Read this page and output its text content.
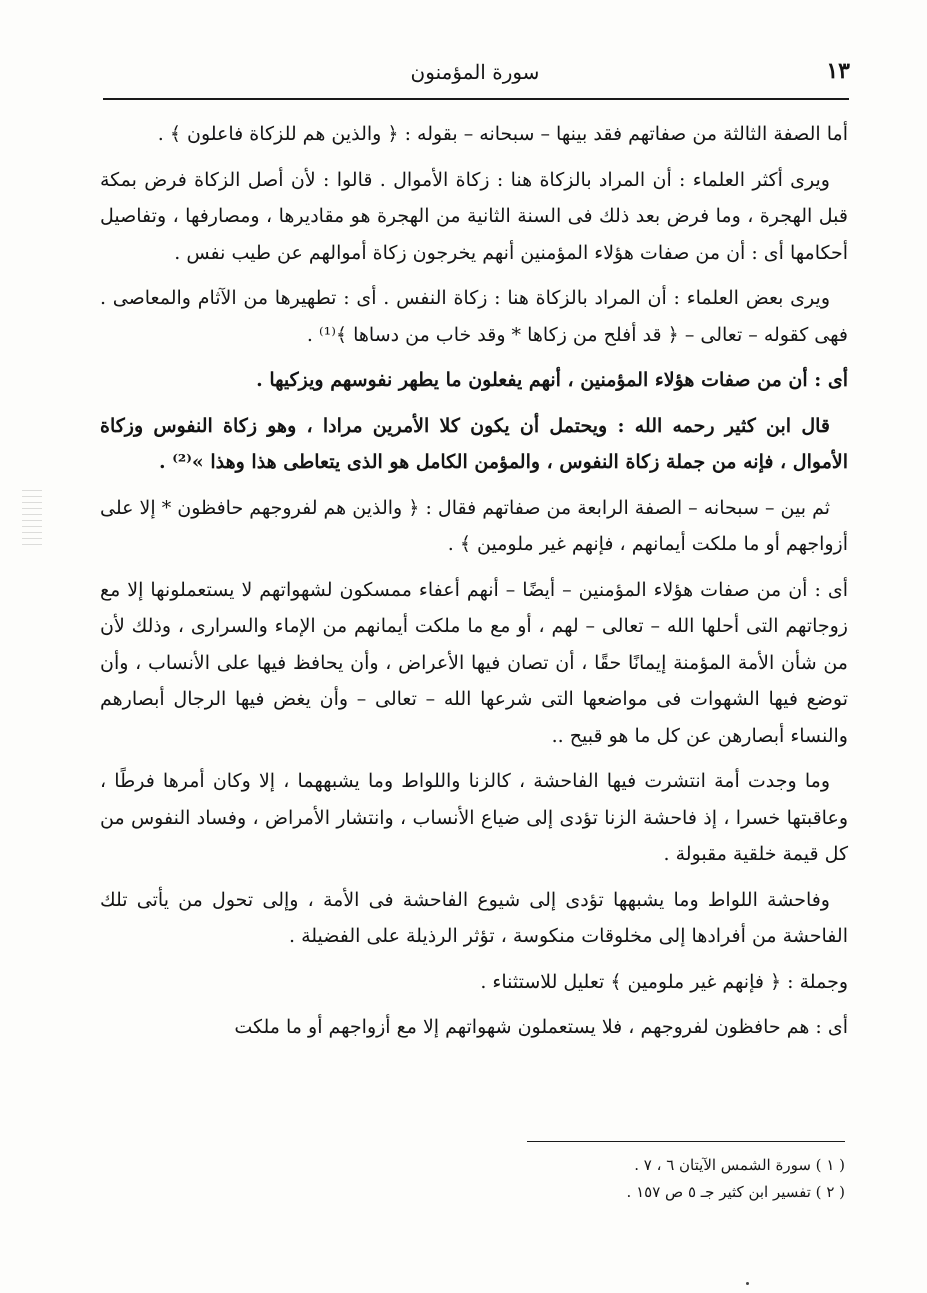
١٣
سورة المؤمنون

أما الصفة الثالثة من صفاتهم فقد بينها – سبحانه – بقوله : ﴿ والذين هم للزكاة فاعلون ﴾ .

ويرى أكثر العلماء : أن المراد بالزكاة هنا : زكاة الأموال . قالوا : لأن أصل الزكاة فرض بمكة قبل الهجرة ، وما فرض بعد ذلك فى السنة الثانية من الهجرة هو مقاديرها ، ومصارفها ، وتفاصيل أحكامها أى : أن من صفات هؤلاء المؤمنين أنهم يخرجون زكاة أموالهم عن طيب نفس .

ويرى بعض العلماء : أن المراد بالزكاة هنا : زكاة النفس . أى : تطهيرها من الآثام والمعاصى . فهى كقوله – تعالى – ﴿ قد أفلح من زكاها * وقد خاب من دساها ﴾⁽¹⁾ .

أى : أن من صفات هؤلاء المؤمنين ، أنهم يفعلون ما يطهر نفوسهم ويزكيها .

قال ابن كثير رحمه الله : ويحتمل أن يكون كلا الأمرين مرادا ، وهو زكاة النفوس وزكاة الأموال ، فإنه من جملة زكاة النفوس ، والمؤمن الكامل هو الذى يتعاطى هذا وهذا »⁽²⁾ .

ثم بين – سبحانه – الصفة الرابعة من صفاتهم فقال : ﴿ والذين هم لفروجهم حافظون * إلا على أزواجهم أو ما ملكت أيمانهم ، فإنهم غير ملومين ﴾ .

أى : أن من صفات هؤلاء المؤمنين – أيضًا – أنهم أعفاء ممسكون لشهواتهم لا يستعملونها إلا مع زوجاتهم التى أحلها الله – تعالى – لهم ، أو مع ما ملكت أيمانهم من الإماء والسرارى ، وذلك لأن من شأن الأمة المؤمنة إيمانًا حقًا ، أن تصان فيها الأعراض ، وأن يحافظ فيها على الأنساب ، وأن توضع فيها الشهوات فى مواضعها التى شرعها الله – تعالى – وأن يغض فيها الرجال أبصارهم والنساء أبصارهن عن كل ما هو قبيح ..

وما وجدت أمة انتشرت فيها الفاحشة ، كالزنا واللواط وما يشبههما ، إلا وكان أمرها فرطًا ، وعاقبتها خسرا ، إذ فاحشة الزنا تؤدى إلى ضياع الأنساب ، وانتشار الأمراض ، وفساد النفوس من كل قيمة خلقية مقبولة .

وفاحشة اللواط وما يشبهها تؤدى إلى شيوع الفاحشة فى الأمة ، وإلى تحول من يأتى تلك الفاحشة من أفرادها إلى مخلوقات منكوسة ، تؤثر الرذيلة على الفضيلة .

وجملة : ﴿ فإنهم غير ملومين ﴾ تعليل للاستثناء .

أى : هم حافظون لفروجهم ، فلا يستعملون شهواتهم إلا مع أزواجهم أو ما ملكت

( ١ ) سورة الشمس الآيتان ٦ ، ٧ .

( ٢ ) تفسير ابن كثير جـ ٥ ص ١٥٧ .
